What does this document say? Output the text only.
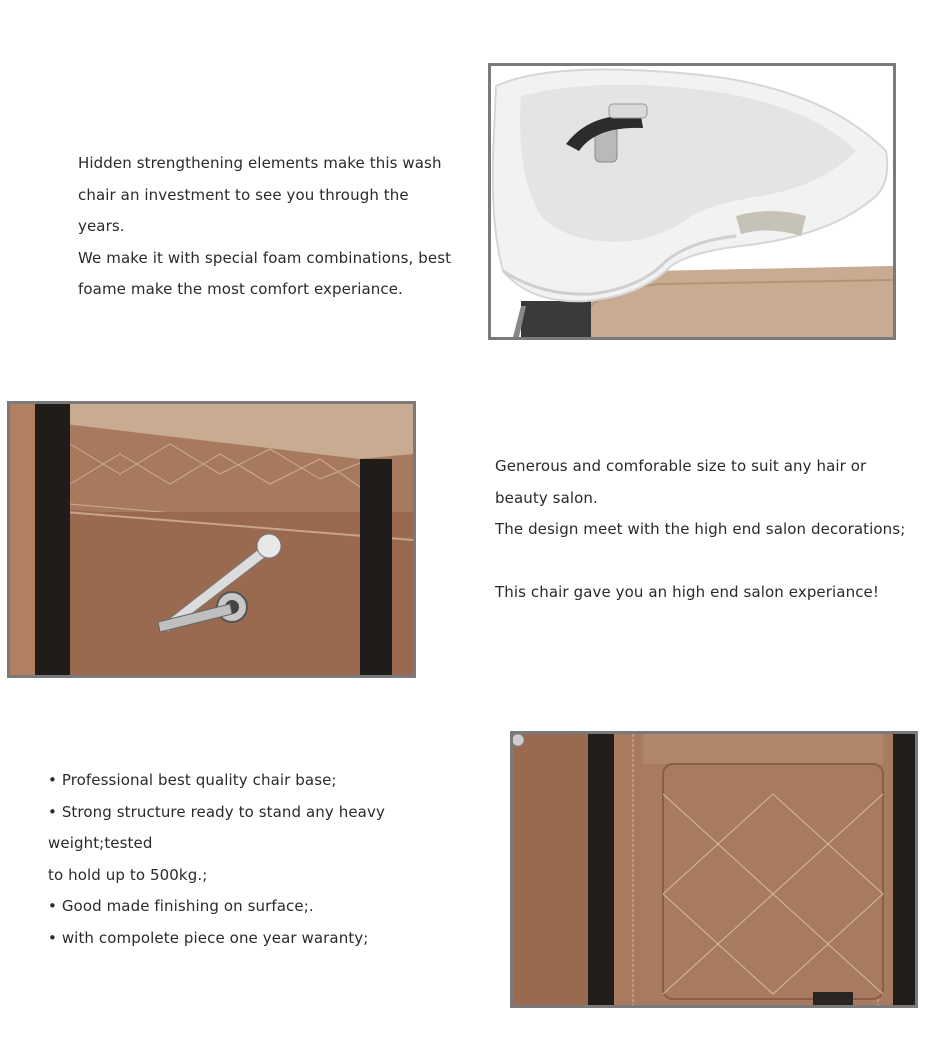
Hidden strengthening elements make this wash

chair an investment to see you through the years.

We make it with special foam combinations, best

foame make the most comfort experiance.

Generous and comforable size to suit any hair or

beauty salon.

The design meet with the high end salon decorations;

This chair gave you an high end salon experiance!

• Professional best quality chair base;

• Strong structure ready to stand any heavy weight;tested

to hold up to 500kg.;

• Good made finishing on surface;.

• with compolete piece one year waranty;
